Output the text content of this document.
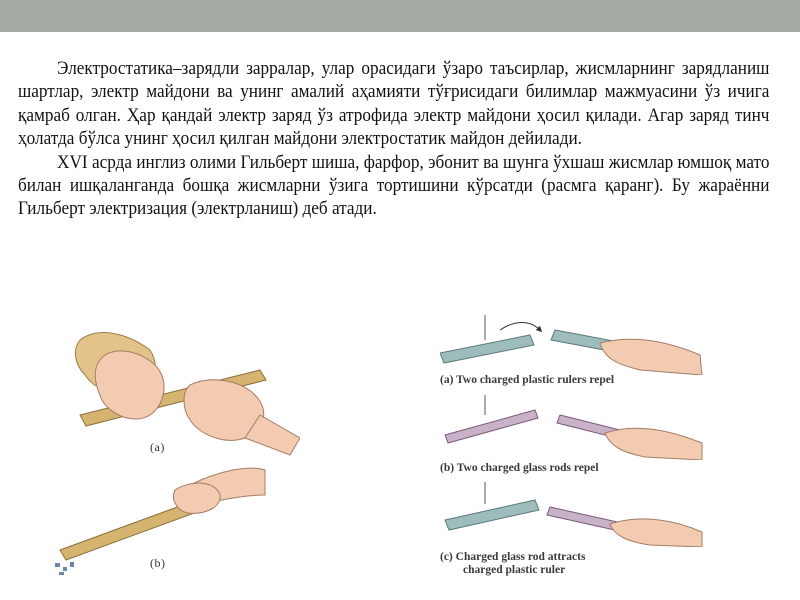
Электростатика–зарядли зарралар, улар орасидаги ўзаро таъсирлар, жисмларнинг зарядланиш шартлар, электр майдони ва унинг амалий аҳамияти тўғрисидаги билимлар мажмуасини ўз ичига қамраб олган. Ҳар қандай электр заряд ўз атрофида электр майдони ҳосил қилади. Агар заряд тинч ҳолатда бўлса унинг ҳосил қилган майдони электростатик майдон дейилади.

XVI асрда инглиз олими Гильберт шиша, фарфор, эбонит ва шунга ўхшаш жисмлар юмшоқ мато билан ишқаланганда бошқа жисмларни ўзига тортишини кўрсатди (расмга қаранг). Бу жараённи Гильберт электризация (электрланиш) деб атади.

(a)
(b)
(a) Two charged plastic rulers repel
(b) Two charged glass rods repel
(c) Charged glass rod attracts
charged plastic ruler
